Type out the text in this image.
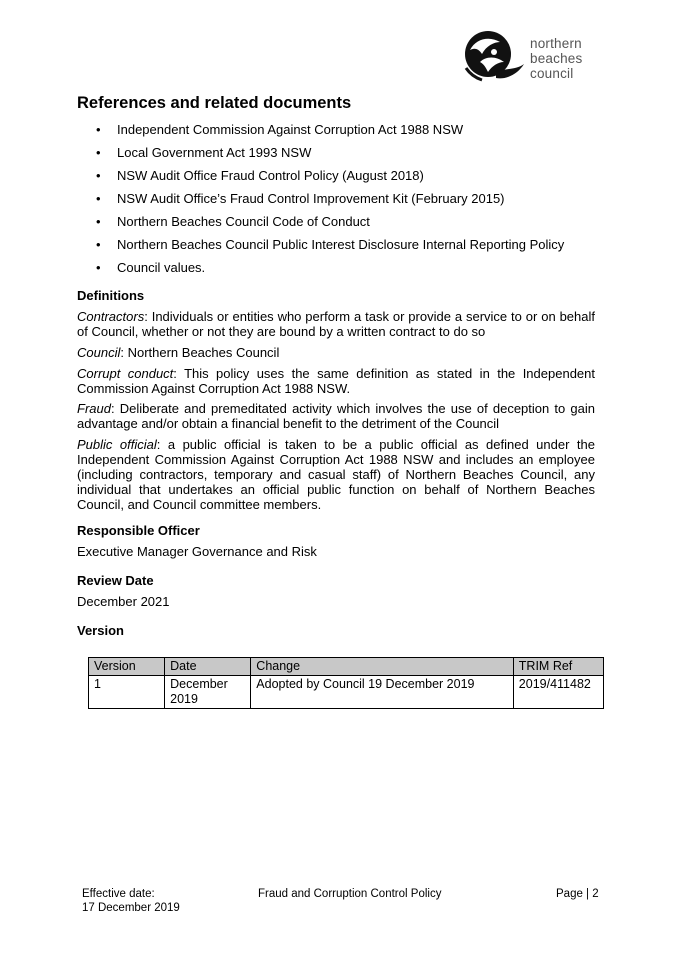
northern
beaches
council
References and related documents
• Independent Commission Against Corruption Act 1988 NSW
• Local Government Act 1993 NSW
• NSW Audit Office Fraud Control Policy (August 2018)
• NSW Audit Office’s Fraud Control Improvement Kit (February 2015)
• Northern Beaches Council Code of Conduct
• Northern Beaches Council Public Interest Disclosure Internal Reporting Policy
• Council values.
Definitions
Contractors: Individuals or entities who perform a task or provide a service to or on behalf of Council, whether or not they are bound by a written contract to do so
Council: Northern Beaches Council
Corrupt conduct: This policy uses the same definition as stated in the Independent Commission Against Corruption Act 1988 NSW.
Fraud: Deliberate and premeditated activity which involves the use of deception to gain advantage and/or obtain a financial benefit to the detriment of the Council
Public official: a public official is taken to be a public official as defined under the Independent Commission Against Corruption Act 1988 NSW and includes an employee (including contractors, temporary and casual staff) of Northern Beaches Council, any individual that undertakes an official public function on behalf of Northern Beaches Council, and Council committee members.
Responsible Officer
Executive Manager Governance and Risk
Review Date
December 2021
Version
Version	Date	Change	TRIM Ref
1	December 2019	Adopted by Council 19 December 2019	2019/411482
Effective date:
17 December 2019
Fraud and Corruption Control Policy	Page | 2
